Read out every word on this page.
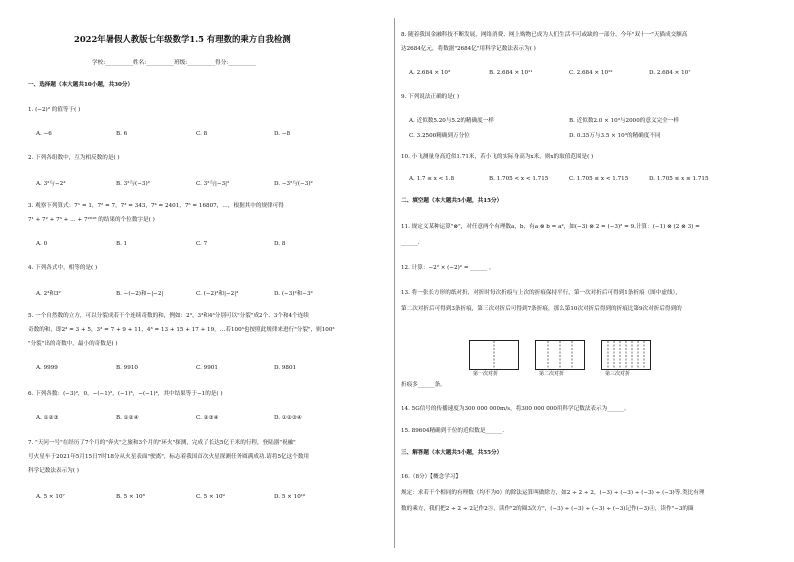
2022年暑假人教版七年级数学1.5 有理数的乘方自我检测
学校:__________姓名:__________班级:__________得分:__________
一、选择题（本大题共10小题，共30分）
1. (−2)² 的值等于( )
A. −6	B. 6	C. 8	D. −8
2. 下列各组数中，互为相反数的是( )
A. 3²与−2³	B. 3²与(−3)²	C. 3²与|−3|²	D. −3²与(−3)²
3. 观察下列算式：7¹ = 1，7² = 7，7³ = 343，7⁴ = 2401，7⁵ = 16807，…，根据其中的规律可得
7¹ + 7² + 7³ + … + 7²⁰¹⁸ 的结果的个位数字是( )
A. 0	B. 1	C. 7	D. 8
4. 下列各式中，相等的是( )
A. 2³和3²	B. −(−2)和−|−2|	C. (−2)³和|−2|³	D. (−3)²和−3²
5. 一个自然数的立方，可以分裂成若干个连续奇数的和，例如：2³，3³和4³分别可以"分裂"成2个、3个和4个连续
奇数的和，即2³ = 3 + 5，3³ = 7 + 9 + 11，4³ = 13 + 15 + 17 + 19，…若100³也按照此规律来进行"分裂"，则100³
"分裂"出的奇数中，最小的奇数是( )
A. 9999	B. 9910	C. 9901	D. 9801
6. 下列各数：(−3)²，0，−(−1)²，(−1)³，−(−1)⁴，其中结果等于−1的是( )
A. ①②③	B. ①②④	C. ②③④	D. ①②③④
7. "天问一号"在经历了7个月的"奔火"之旅和3个月的"环火"探测，完成了长达5亿千米的行程，登陆器"祝融"
号火星车于2021年5月15日7时18分从火星表面"驶离"，标志着我国首次火星探测任务圆满成功.请将5亿这个数用
科学记数法表示为( )
A. 5 × 10⁷	B. 5 × 10⁸	C. 5 × 10⁹	D. 5 × 10¹⁰
8. 随着我国金融科技不断发展，网络消费、网上购物已成为人们生活不可或缺的一部分，今年"双十一"天猫成交额高
达2684亿元，将数据"2684亿"用科学记数法表示为( )
A. 2.684 × 10³	B. 2.684 × 10¹¹	C. 2.684 × 10¹²	D. 2.684 × 10⁷
9. 下列说法正确的是( )
A. 近似数5.20与5.2的精确度一样	B. 近似数2.0 × 10³与2000的意义完全一样
C. 3.2500精确到万分位	D. 0.35万与3.5 × 10³的精确度不同
10. 小飞测量身高近似1.71米，若小飞的实际身高为x米，则x的取值范围是( )
A. 1.7 ≤ x < 1.8	B. 1.705 < x < 1.715	C. 1.705 ≤ x < 1.715	D. 1.705 ≤ x ≤ 1.715
二、填空题（本大题共5小题，共15分）
11. 规定义某种运算"⊗"，对任意两个有理数a，b，有a ⊗ b = a²，如(−3) ⊗ 2 = (−3)² = 9.计算：(−1) ⊗ (2 ⊗ 3) =
______.
12. 计算：−2² × (−2)² = ______ 。
13. 将一张长方形的纸对折，对折时每次折痕与上次的折痕保持平行，第一次对折后可得到1条折痕（图中虚线），
第二次对折后可得到3条折痕，第三次对折后可得到7条折痕，那么第10次对折后得到的折痕比第9次对折后得到的
第一次对折	第二次对折	第三次对折
折痕多______条。
14. 5G信号的传播速度为300 000 000m/s，将300 000 000用科学记数法表示为______。
15. 89604精确到千位的近似数是______.
三、解答题（本大题共5小题，共55分）
16.（8分）【概念学习】
规定：求若干个相同的有理数（均不为0）的除法运算叫做除方，如2 ÷ 2 ÷ 2，(−3) ÷ (−3) ÷ (−3) ÷ (−3)等.类比有理
数的乘方，我们把2 ÷ 2 ÷ 2记作2③，读作"2的圈3次方"，(−3) ÷ (−3) ÷ (−3) ÷ (−3)记作(−3)④，读作"−3的圈
